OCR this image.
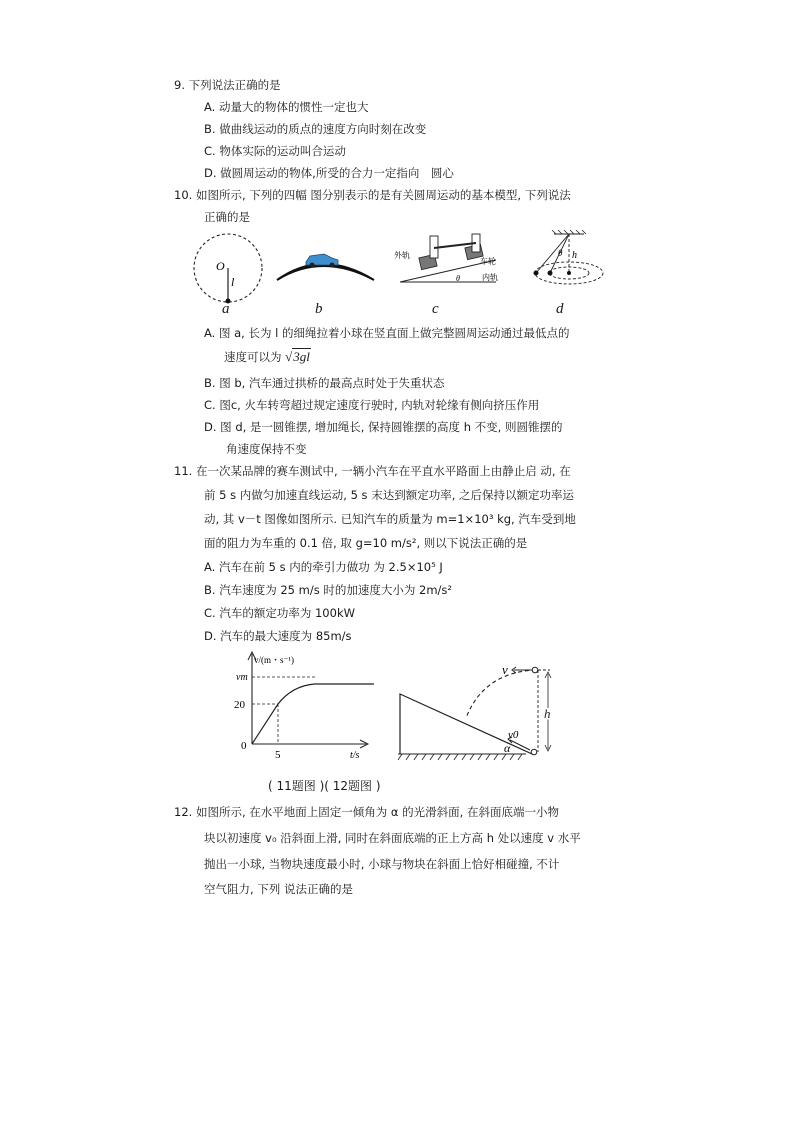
9. 下列说法正确的是
A. 动量大的物体的惯性一定也大
B. 做曲线运动的质点的速度方向时刻在改变
C. 物体实际的运动叫合运动
D. 做圆周运动的物体,所受的合力一定指向　圆心
10. 如图所示, 下列的四幅 图分别表示的是有关圆周运动的基本模型, 下列说法
正确的是
O
l
外轨
车轮
内轨
θ
θ h
a	b	c	d
A. 图 a, 长为 l 的细绳拉着小球在竖直面上做完整圆周运动通过最低点的
速度可以为 √3gl
B. 图 b, 汽车通过拱桥的最高点时处于失重状态
C. 图c, 火车转弯超过规定速度行驶时, 内轨对轮缘有侧向挤压作用
D. 图 d, 是一圆锥摆, 增加绳长, 保持圆锥摆的高度 h 不变, 则圆锥摆的
角速度保持不变
11. 在一次某品牌的赛车测试中, 一辆小汽车在平直水平路面上由静止启 动, 在
前 5 s 内做匀加速直线运动, 5 s 末达到额定功率, 之后保持以额定功率运
动, 其 v－t 图像如图所示. 已知汽车的质量为 m=1×10³ kg, 汽车受到地
面的阻力为车重的 0.1 倍, 取 g=10 m/s², 则以下说法正确的是
A. 汽车在前 5 s 内的牵引力做功 为 2.5×10⁵ J
B. 汽车速度为 25 m/s 时的加速度大小为 2m/s²
C. 汽车的额定功率为 100kW
D. 汽车的最大速度为 85m/s
v/(m・s⁻¹)
vm
20
0
5	t/s
v
h
v0
α
( 11题图 )( 12题图 )
12. 如图所示, 在水平地面上固定一倾角为 α 的光滑斜面, 在斜面底端一小物
块以初速度 v₀ 沿斜面上滑, 同时在斜面底端的正上方高 h 处以速度 v 水平
抛出一小球, 当物块速度最小时, 小球与物块在斜面上恰好相碰撞, 不计
空气阻力, 下列 说法正确的是
